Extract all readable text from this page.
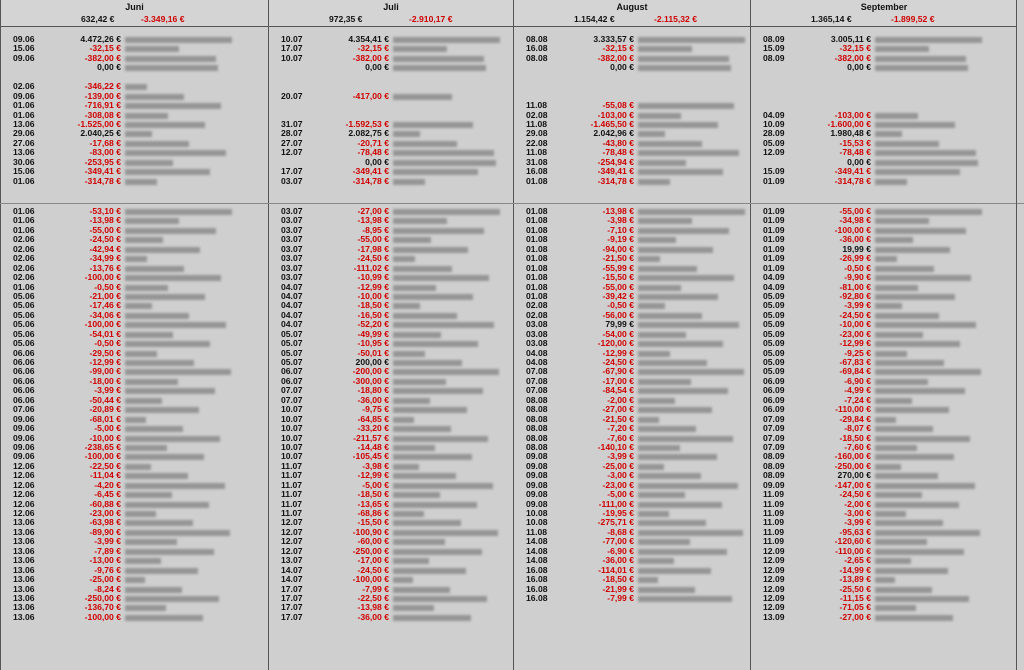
Juni
632,42 €	-3.349,16 €
09.06	4.472,26 €
15.06	-32,15 €
09.06	-382,00 €
0,00 €
02.06	-346,22 €
09.06	-139,00 €
01.06	-716,91 €
01.06	-308,08 €
13.06	-1.525,00 €
29.06	2.040,25 €
27.06	-17,68 €
13.06	-83,00 €
30.06	-253,95 €
15.06	-349,41 €
01.06	-314,78 €
01.06	-53,10 €
01.06	-13,98 €
01.06	-55,00 €
02.06	-24,50 €
02.06	-42,94 €
02.06	-34,99 €
02.06	-13,76 €
02.06	-100,00 €
01.06	-0,50 €
05.06	-21,00 €
05.06	-17,46 €
05.06	-34,06 €
05.06	-100,00 €
05.06	-54,01 €
05.06	-0,50 €
06.06	-29,50 €
06.06	-12,99 €
06.06	-99,00 €
06.06	-18,00 €
06.06	-3,99 €
06.06	-50,44 €
07.06	-20,89 €
09.06	-68,01 €
09.06	-5,00 €
09.06	-10,00 €
09.06	-238,65 €
09.06	-100,00 €
12.06	-22,50 €
12.06	-11,04 €
12.06	-4,20 €
12.06	-6,45 €
12.06	-60,88 €
12.06	-23,00 €
13.06	-63,98 €
13.06	-89,90 €
13.06	-3,99 €
13.06	-7,89 €
13.06	-13,00 €
13.06	-9,76 €
13.06	-25,00 €
13.06	-8,24 €
13.06	-250,00 €
13.06	-136,70 €
13.06	-100,00 €
Juli
972,35 €	-2.910,17 €
10.07	4.354,41 €
17.07	-32,15 €
10.07	-382,00 €
0,00 €
20.07	-417,00 €
31.07	-1.592,53 €
28.07	2.082,75 €
27.07	-20,71 €
12.07	-78,48 €
0,00 €
17.07	-349,41 €
03.07	-314,78 €
03.07	-27,00 €
03.07	-13,98 €
03.07	-8,95 €
03.07	-55,00 €
03.07	-17,98 €
03.07	-24,50 €
03.07	-111,02 €
03.07	-10,99 €
04.07	-12,99 €
04.07	-10,00 €
04.07	-18,50 €
04.07	-16,50 €
04.07	-52,20 €
05.07	-49,99 €
05.07	-10,95 €
05.07	-50,01 €
05.07	200,00 €
06.07	-200,00 €
06.07	-300,00 €
07.07	-18,80 €
07.07	-36,00 €
10.07	-9,75 €
10.07	-64,85 €
10.07	-33,20 €
10.07	-211,57 €
10.07	-14,48 €
10.07	-105,45 €
11.07	-3,98 €
11.07	-12,99 €
11.07	-5,00 €
11.07	-18,50 €
11.07	-13,65 €
11.07	-68,86 €
12.07	-15,50 €
12.07	-100,90 €
12.07	-60,00 €
12.07	-250,00 €
13.07	-17,00 €
14.07	-24,50 €
14.07	-100,00 €
17.07	-7,99 €
17.07	-22,50 €
17.07	-13,98 €
17.07	-36,00 €
August
1.154,42 €	-2.115,32 €
08.08	3.333,57 €
16.08	-32,15 €
08.08	-382,00 €
0,00 €
11.08	-55,08 €
02.08	-103,00 €
11.08	-1.465,50 €
29.08	2.042,96 €
22.08	-43,80 €
11.08	-78,48 €
31.08	-254,94 €
16.08	-349,41 €
01.08	-314,78 €
01.08	-13,98 €
01.08	-3,98 €
01.08	-7,10 €
01.08	-9,19 €
01.08	-94,00 €
01.08	-21,50 €
01.08	-55,99 €
01.08	-15,50 €
01.08	-55,00 €
01.08	-39,42 €
02.08	-0,50 €
02.08	-56,00 €
03.08	79,99 €
03.08	-54,00 €
03.08	-120,00 €
04.08	-12,99 €
04.08	-24,50 €
07.08	-67,90 €
07.08	-17,00 €
07.08	-84,54 €
08.08	-2,00 €
08.08	-27,00 €
08.08	-21,50 €
08.08	-7,20 €
08.08	-7,60 €
08.08	-140,10 €
09.08	-3,99 €
09.08	-25,00 €
09.08	-3,00 €
09.08	-23,00 €
09.08	-5,00 €
09.08	-111,00 €
10.08	-19,95 €
10.08	-275,71 €
11.08	-8,68 €
14.08	-77,00 €
14.08	-6,90 €
14.08	-36,00 €
16.08	-114,01 €
16.08	-18,50 €
16.08	-21,99 €
16.08	-7,99 €
September
1.365,14 €	-1.899,52 €
08.09	3.005,11 €
15.09	-32,15 €
08.09	-382,00 €
0,00 €
04.09	-103,00 €
10.09	-1.600,00 €
28.09	1.980,48 €
05.09	-15,53 €
12.09	-78,48 €
0,00 €
15.09	-349,41 €
01.09	-314,78 €
01.09	-55,00 €
01.09	-34,98 €
01.09	-100,00 €
01.09	-36,00 €
01.09	19,99 €
01.09	-26,99 €
01.09	-0,50 €
04.09	-9,90 €
04.09	-81,00 €
05.09	-92,80 €
05.09	-3,99 €
05.09	-24,50 €
05.09	-10,00 €
05.09	-23,00 €
05.09	-12,99 €
05.09	-9,25 €
05.09	-67,83 €
05.09	-69,84 €
06.09	-6,90 €
06.09	-4,99 €
06.09	-7,24 €
06.09	-110,00 €
07.09	-29,84 €
07.09	-8,07 €
07.09	-18,50 €
07.09	-7,60 €
08.09	-160,00 €
08.09	-250,00 €
08.09	270,00 €
09.09	-147,00 €
11.09	-24,50 €
11.09	-2,00 €
11.09	-3,00 €
11.09	-3,99 €
11.09	-95,63 €
11.09	-120,60 €
12.09	-110,00 €
12.09	-2,65 €
12.09	-14,99 €
12.09	-13,89 €
12.09	-25,50 €
12.09	-11,15 €
12.09	-71,05 €
13.09	-27,00 €
